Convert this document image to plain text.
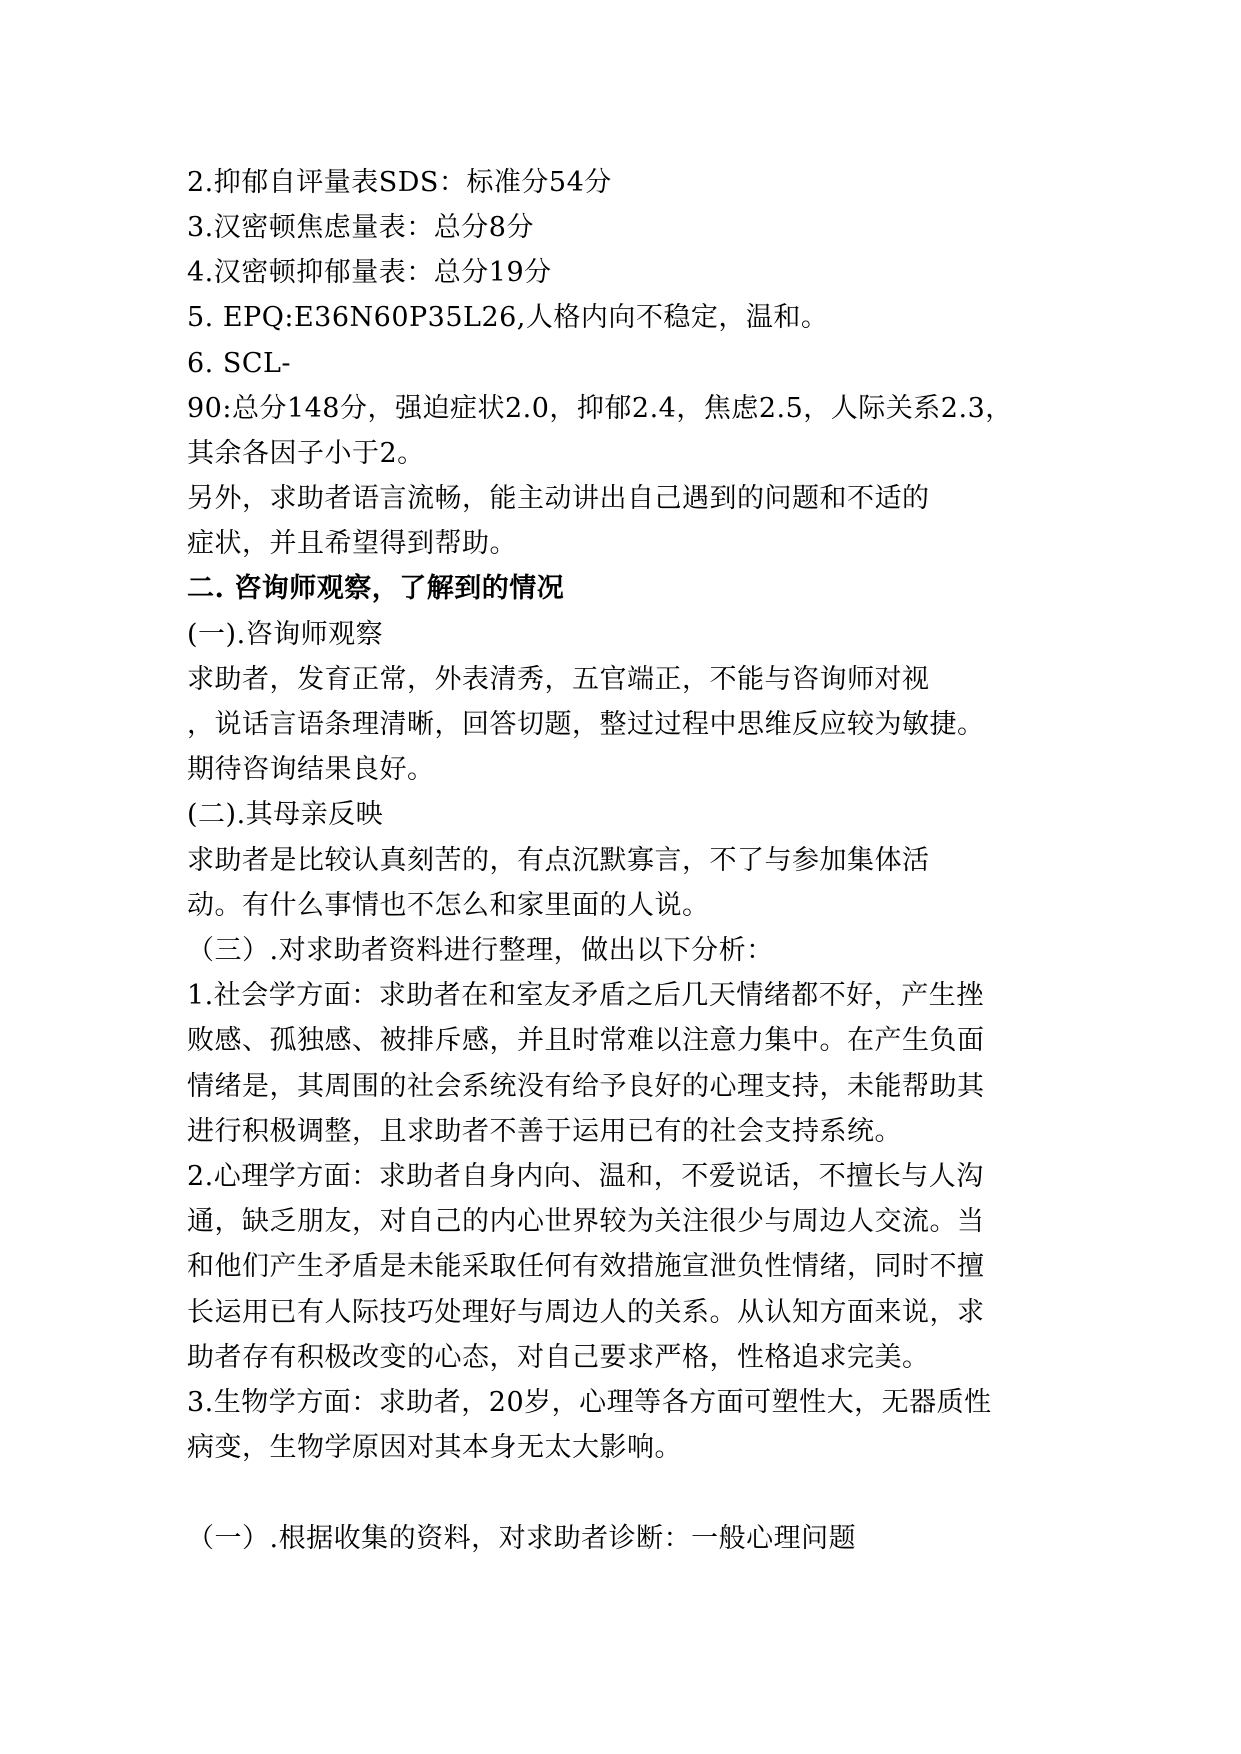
2.抑郁自评量表SDS：标准分54分
3.汉密顿焦虑量表：总分8分
4.汉密顿抑郁量表：总分19分
5. EPQ:E36N60P35L26,人格内向不稳定，温和。
6. SCL-
90:总分148分，强迫症状2.0，抑郁2.4，焦虑2.5，人际关系2.3，
其余各因子小于2。
另外，求助者语言流畅，能主动讲出自己遇到的问题和不适的
症状，并且希望得到帮助。
二. 咨询师观察，了解到的情况
(一).咨询师观察
求助者，发育正常，外表清秀，五官端正，不能与咨询师对视
，说话言语条理清晰，回答切题，整过过程中思维反应较为敏捷。
期待咨询结果良好。
(二).其母亲反映
求助者是比较认真刻苦的，有点沉默寡言，不了与参加集体活
动。有什么事情也不怎么和家里面的人说。
（三）.对求助者资料进行整理，做出以下分析：
1.社会学方面：求助者在和室友矛盾之后几天情绪都不好，产生挫
败感、孤独感、被排斥感，并且时常难以注意力集中。在产生负面
情绪是，其周围的社会系统没有给予良好的心理支持，未能帮助其
进行积极调整，且求助者不善于运用已有的社会支持系统。
2.心理学方面：求助者自身内向、温和，不爱说话，不擅长与人沟
通，缺乏朋友，对自己的内心世界较为关注很少与周边人交流。当
和他们产生矛盾是未能采取任何有效措施宣泄负性情绪，同时不擅
长运用已有人际技巧处理好与周边人的关系。从认知方面来说，求
助者存有积极改变的心态，对自己要求严格，性格追求完美。
3.生物学方面：求助者，20岁，心理等各方面可塑性大，无器质性
病变，生物学原因对其本身无太大影响。
（一）.根据收集的资料，对求助者诊断：一般心理问题
